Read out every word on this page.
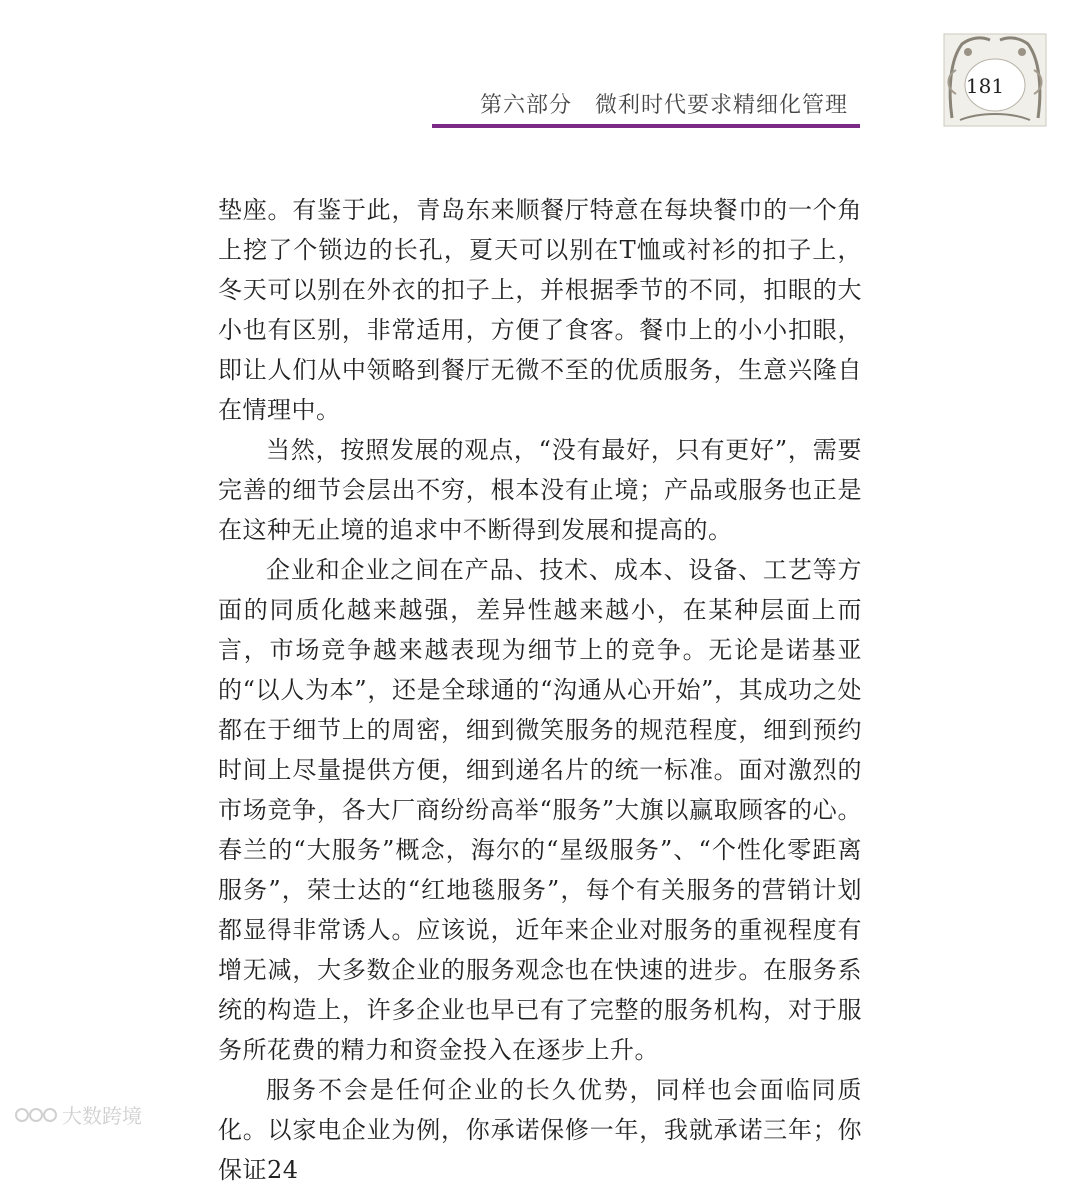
第六部分　微利时代要求精细化管理
181

垫座。有鉴于此，青岛东来顺餐厅特意在每块餐巾的一个角上挖了个锁边的长孔，夏天可以别在T恤或衬衫的扣子上，冬天可以别在外衣的扣子上，并根据季节的不同，扣眼的大小也有区别，非常适用，方便了食客。餐巾上的小小扣眼，即让人们从中领略到餐厅无微不至的优质服务，生意兴隆自在情理中。

当然，按照发展的观点，“没有最好，只有更好”，需要完善的细节会层出不穷，根本没有止境；产品或服务也正是在这种无止境的追求中不断得到发展和提高的。

企业和企业之间在产品、技术、成本、设备、工艺等方面的同质化越来越强，差异性越来越小，在某种层面上而言，市场竞争越来越表现为细节上的竞争。无论是诺基亚的“以人为本”，还是全球通的“沟通从心开始”，其成功之处都在于细节上的周密，细到微笑服务的规范程度，细到预约时间上尽量提供方便，细到递名片的统一标准。面对激烈的市场竞争，各大厂商纷纷高举“服务”大旗以赢取顾客的心。春兰的“大服务”概念，海尔的“星级服务”、“个性化零距离服务”，荣士达的“红地毯服务”，每个有关服务的营销计划都显得非常诱人。应该说，近年来企业对服务的重视程度有增无减，大多数企业的服务观念也在快速的进步。在服务系统的构造上，许多企业也早已有了完整的服务机构，对于服务所花费的精力和资金投入在逐步上升。

服务不会是任何企业的长久优势，同样也会面临同质化。以家电企业为例，你承诺保修一年，我就承诺三年；你保证24

大数跨境
